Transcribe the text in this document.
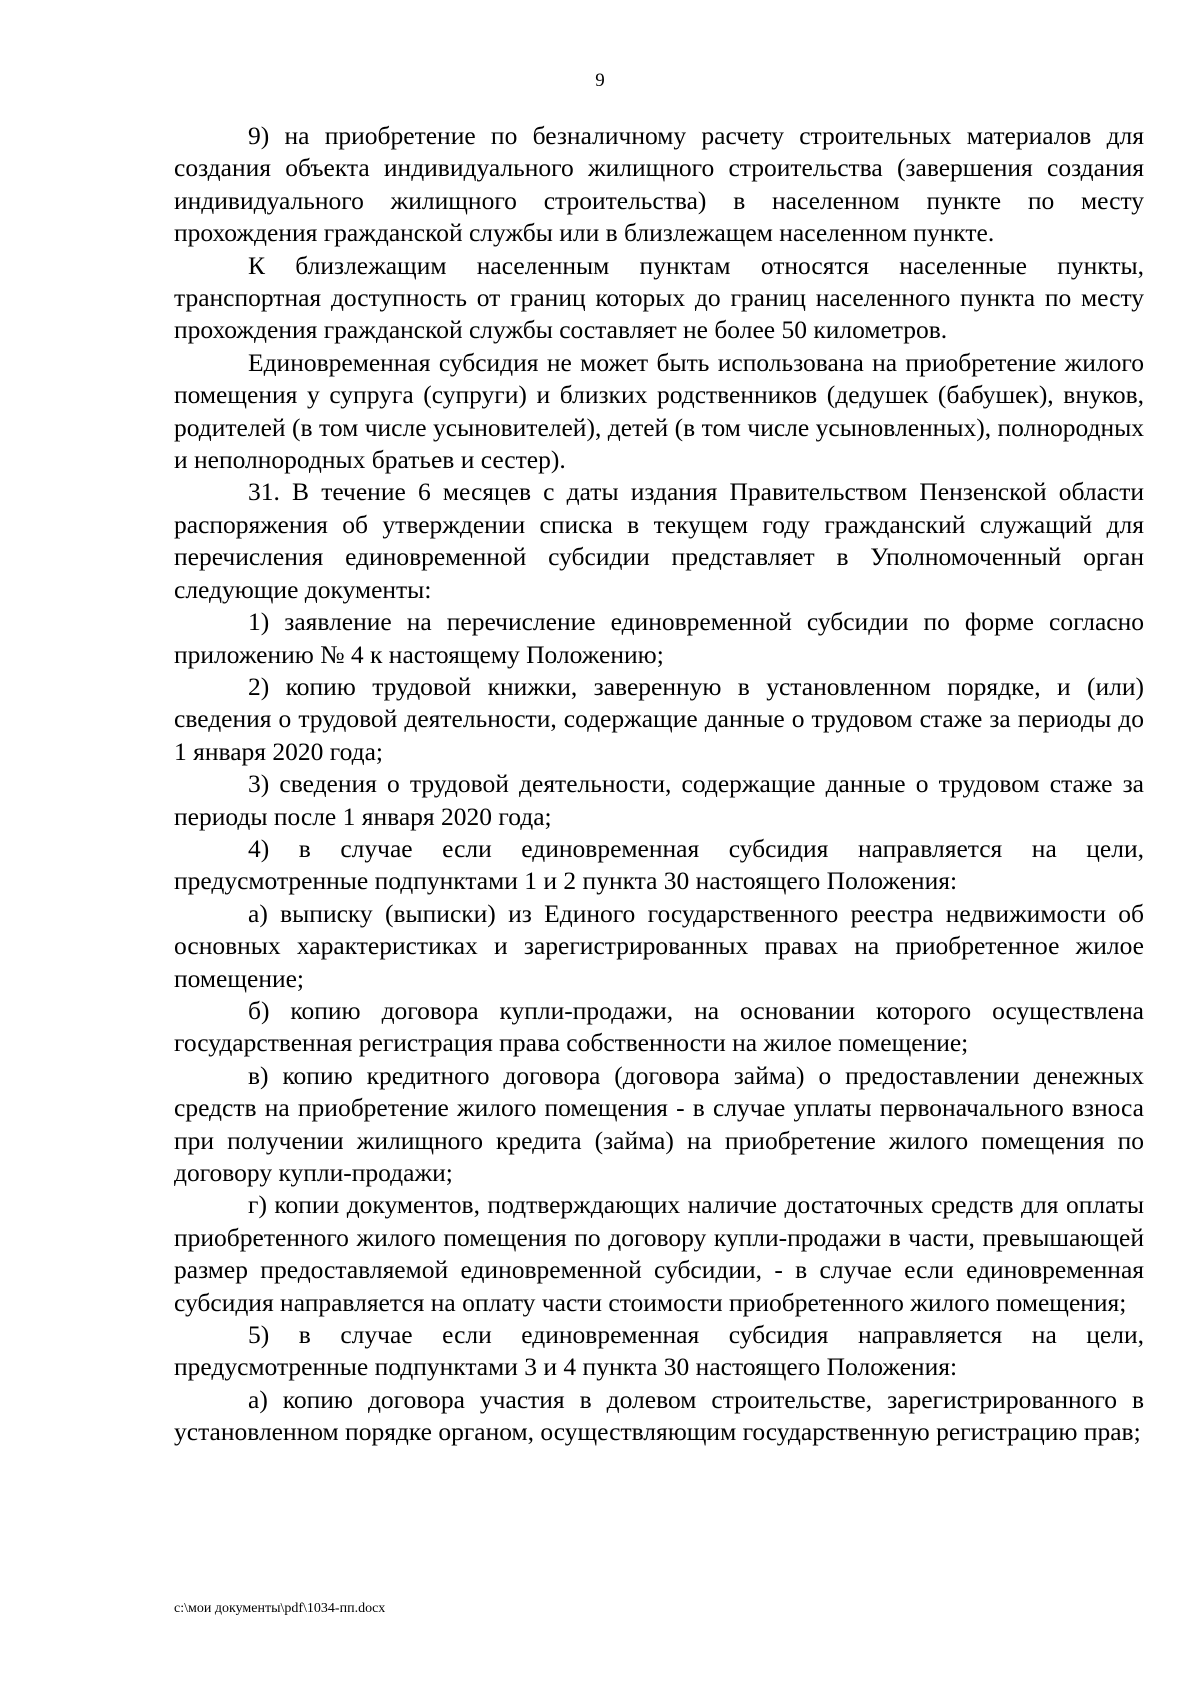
9

9) на приобретение по безналичному расчету строительных материалов для создания объекта индивидуального жилищного строительства (завершения создания индивидуального жилищного строительства) в населенном пункте по месту прохождения гражданской службы или в близлежащем населенном пункте.

К близлежащим населенным пунктам относятся населенные пункты, транспортная доступность от границ которых до границ населенного пункта по месту прохождения гражданской службы составляет не более 50 километров.

Единовременная субсидия не может быть использована на приобретение жилого помещения у супруга (супруги) и близких родственников (дедушек (бабушек), внуков, родителей (в том числе усыновителей), детей (в том числе усыновленных), полнородных и неполнородных братьев и сестер).

31. В течение 6 месяцев с даты издания Правительством Пензенской области распоряжения об утверждении списка в текущем году гражданский служащий для перечисления единовременной субсидии представляет в Уполномоченный орган следующие документы:

1) заявление на перечисление единовременной субсидии по форме согласно приложению № 4 к настоящему Положению;

2) копию трудовой книжки, заверенную в установленном порядке, и (или) сведения о трудовой деятельности, содержащие данные о трудовом стаже за периоды до 1 января 2020 года;

3) сведения о трудовой деятельности, содержащие данные о трудовом стаже за периоды после 1 января 2020 года;

4) в случае если единовременная субсидия направляется на цели, предусмотренные подпунктами 1 и 2 пункта 30 настоящего Положения:

а) выписку (выписки) из Единого государственного реестра недвижимости об основных характеристиках и зарегистрированных правах на приобретенное жилое помещение;

б) копию договора купли-продажи, на основании которого осуществлена государственная регистрация права собственности на жилое помещение;

в) копию кредитного договора (договора займа) о предоставлении денежных средств на приобретение жилого помещения - в случае уплаты первоначального взноса при получении жилищного кредита (займа) на приобретение жилого помещения по договору купли-продажи;

г) копии документов, подтверждающих наличие достаточных средств для оплаты приобретенного жилого помещения по договору купли-продажи в части, превышающей размер предоставляемой единовременной субсидии, - в случае если единовременная субсидия направляется на оплату части стоимости приобретенного жилого помещения;

5) в случае если единовременная субсидия направляется на цели, предусмотренные подпунктами 3 и 4 пункта 30 настоящего Положения:

а) копию договора участия в долевом строительстве, зарегистрированного в установленном порядке органом, осуществляющим государственную регистрацию прав;

c:\мои документы\pdf\1034-пп.docx
